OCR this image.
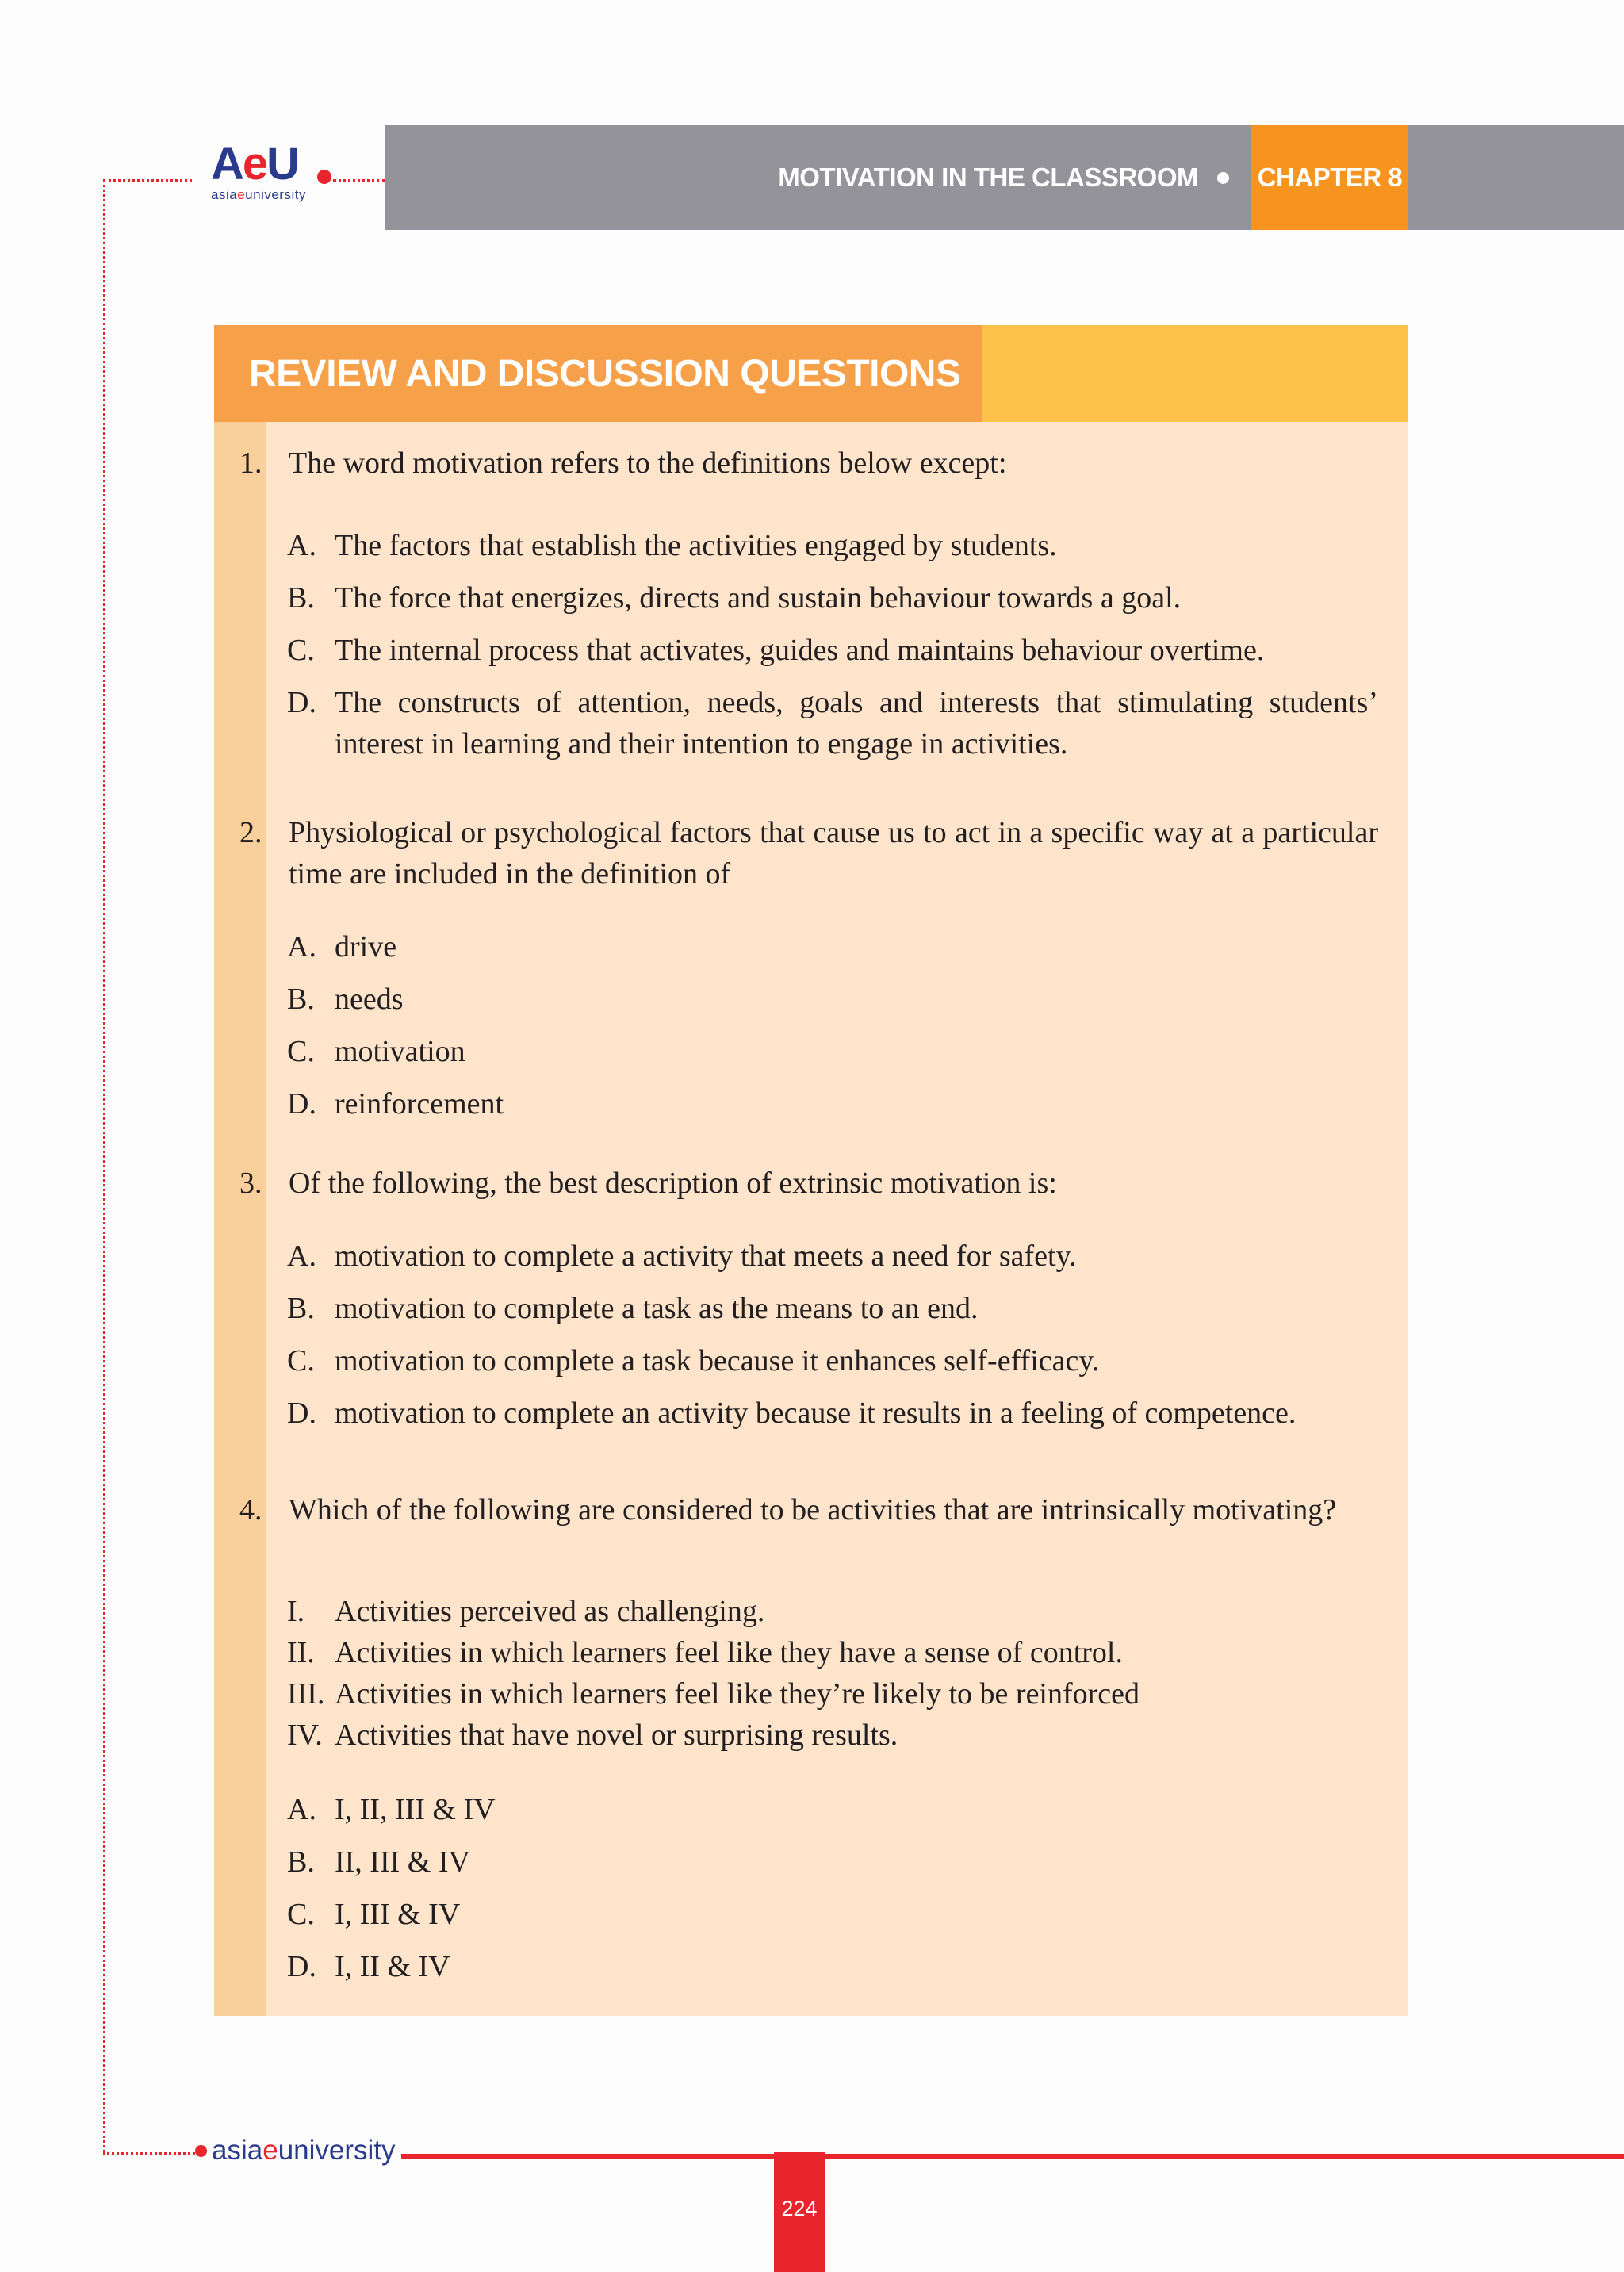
AeU
asiaeuniversity
MOTIVATION IN THE CLASSROOM CHAPTER 8
REVIEW AND DISCUSSION QUESTIONS
1. The word motivation refers to the definitions below except:
A. The factors that establish the activities engaged by students.
B. The force that energizes, directs and sustain behaviour towards a goal.
C. The internal process that activates, guides and maintains behaviour overtime.
D. The constructs of attention, needs, goals and interests that stimulating students’ interest in learning and their intention to engage in activities.
2. Physiological or psychological factors that cause us to act in a specific way at a particular time are included in the definition of
A. drive
B. needs
C. motivation
D. reinforcement
3. Of the following, the best description of extrinsic motivation is:
A. motivation to complete a activity that meets a need for safety.
B. motivation to complete a task as the means to an end.
C. motivation to complete a task because it enhances self-efficacy.
D. motivation to complete an activity because it results in a feeling of competence.
4. Which of the following are considered to be activities that are intrinsically motivating?
I. Activities perceived as challenging.
II. Activities in which learners feel like they have a sense of control.
III. Activities in which learners feel like they’re likely to be reinforced
IV. Activities that have novel or surprising results.
A. I, II, III & IV
B. II, III & IV
C. I, III & IV
D. I, II & IV
asia e university
224
